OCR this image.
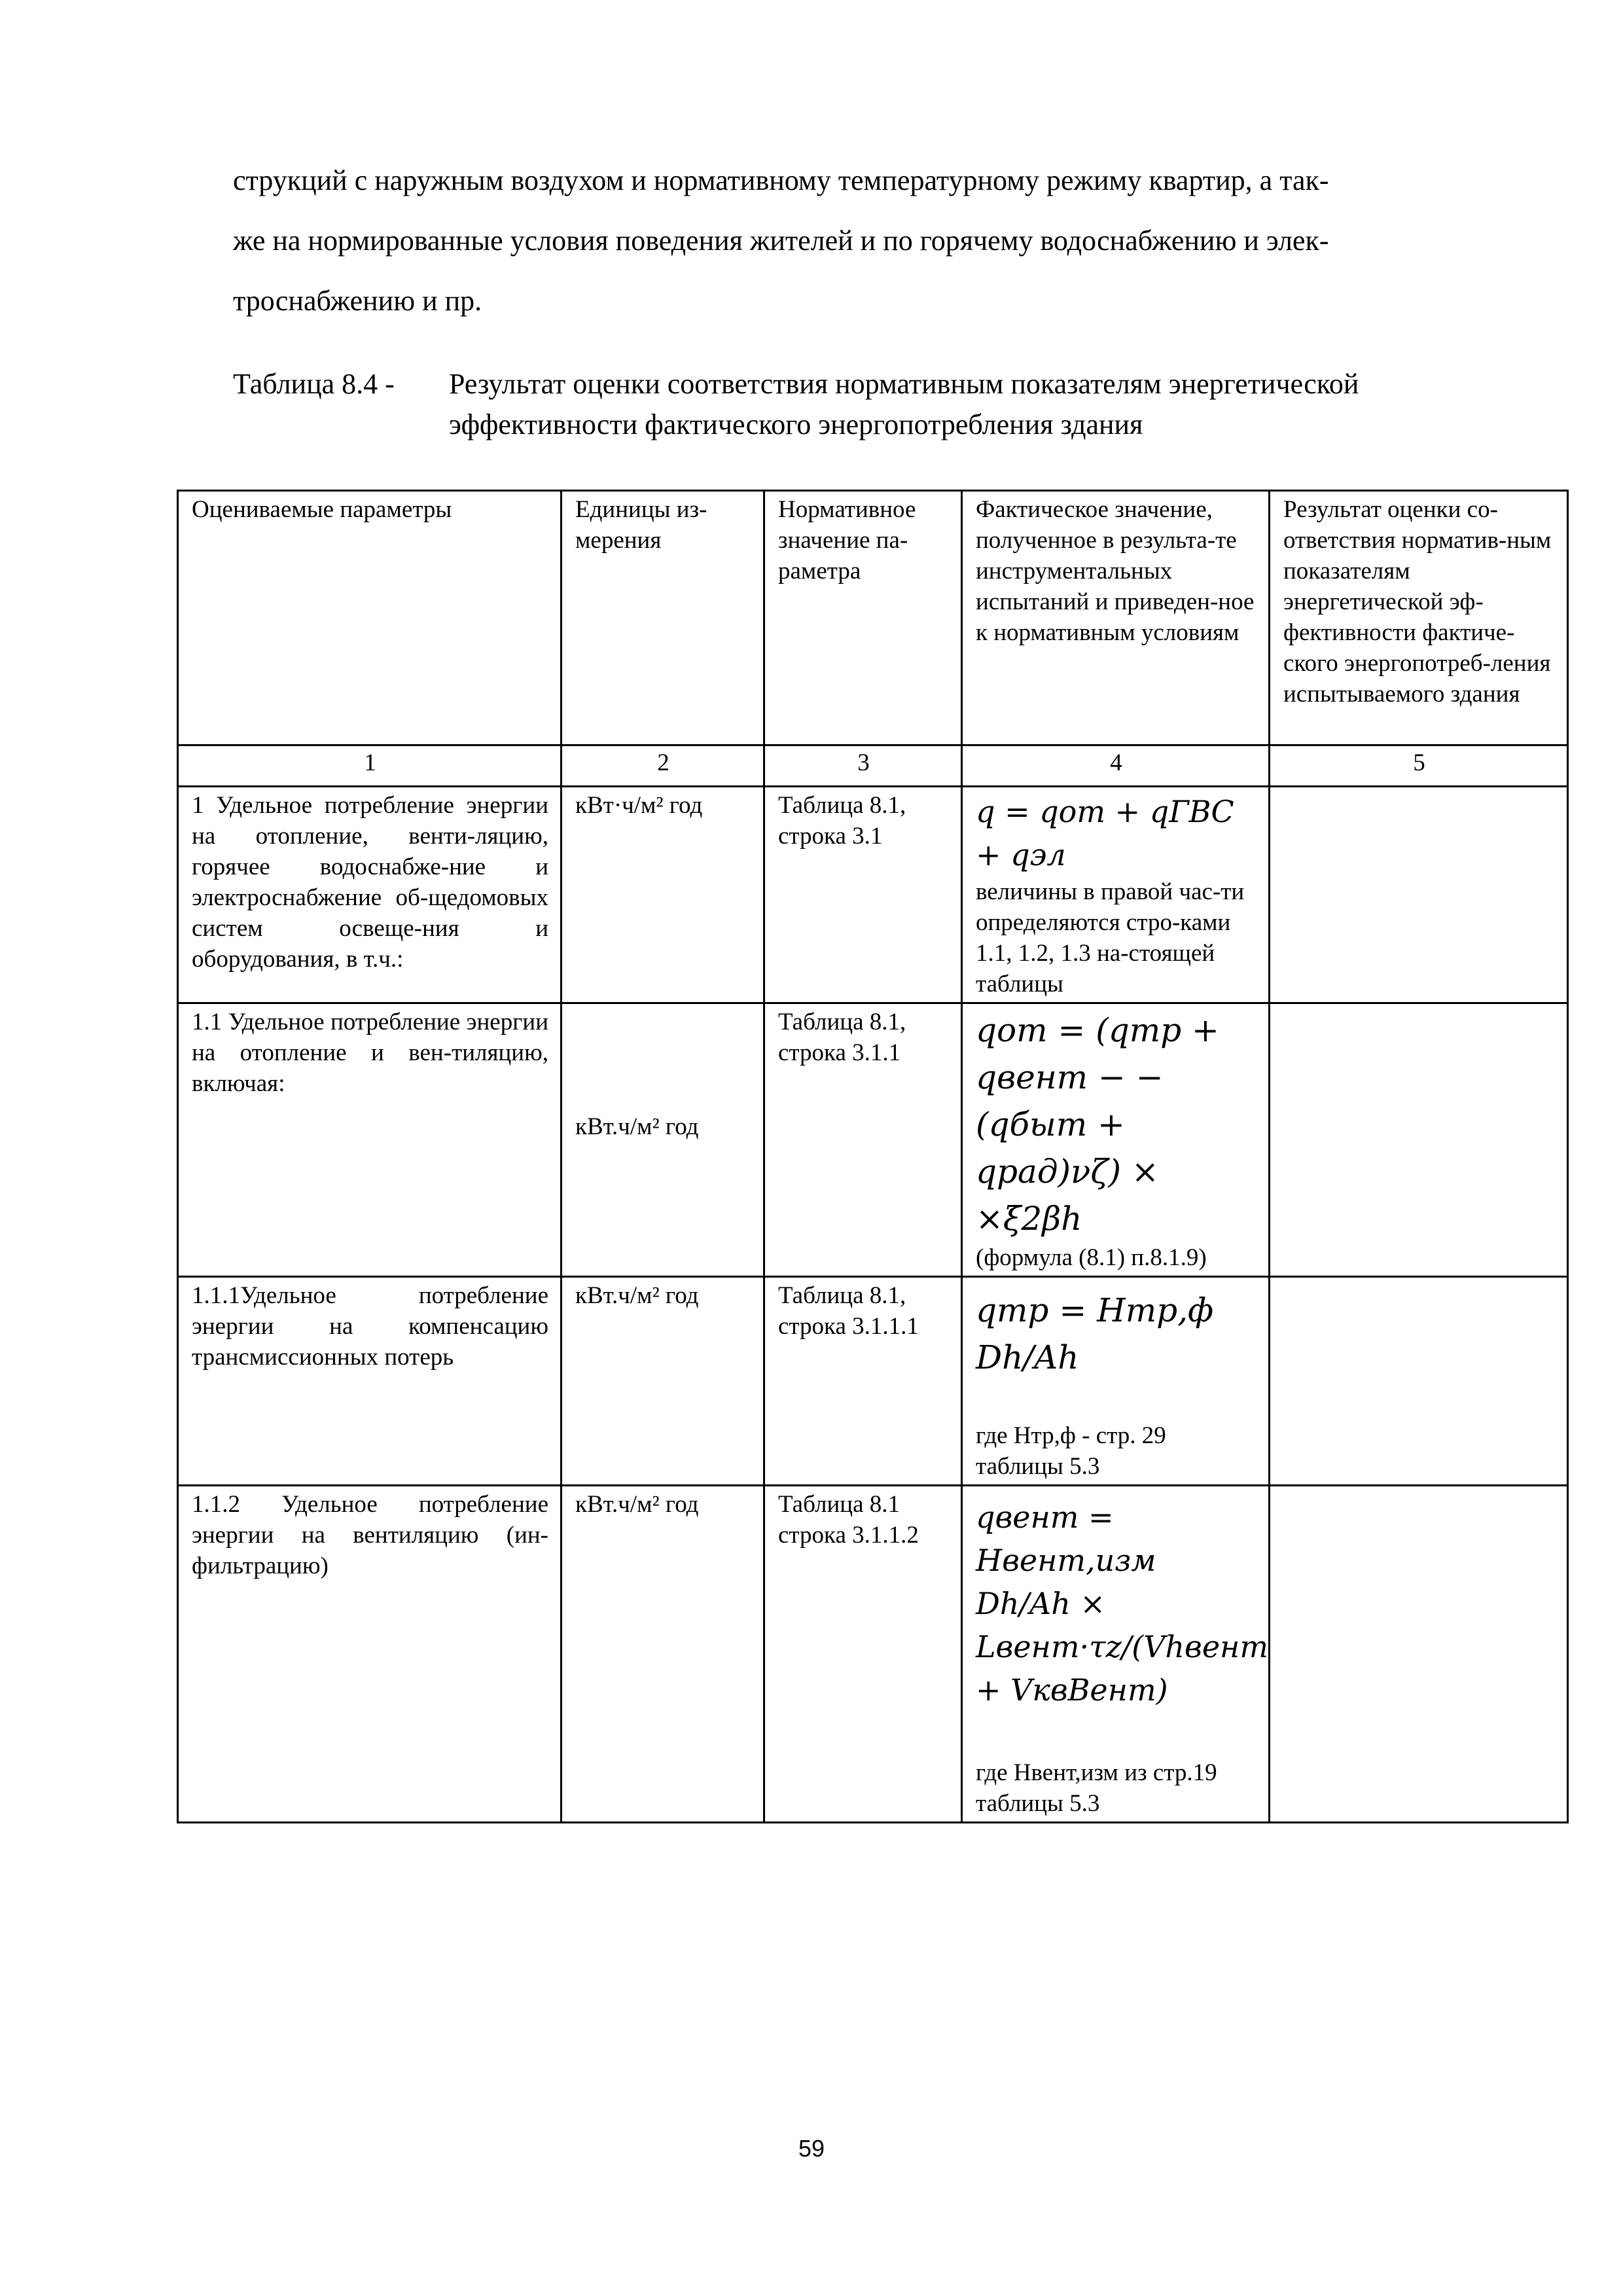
струкций с наружным воздухом и нормативному температурному режиму квартир, а так-

же на нормированные условия поведения жителей и по горячему водоснабжению и элек-

троснабжению и пр.

Таблица 8.4 - Результат оценки соответствия нормативным показателям энергетической
эффективности фактического энергопотребления здания
Оцениваемые параметры	Единицы из-мерения	Нормативное значение па-раметра	Фактическое значение, полученное в результа-те инструментальных испытаний и приведен-ное к нормативным условиям	Результат оценки со-ответствия норматив-ным показателям энергетической эф-фективности фактиче-ского энергопотреб-ления испытываемого здания
1	2	3	4	5
1 Удельное потребление энергии на отопление, венти-ляцию, горячее водоснабже-ние и электроснабжение об-щедомовых систем освеще-ния и оборудования, в т.ч.:	кВт·ч/м² год	Таблица 8.1, строка 3.1	q = qот + qГВС + qэл
величины в правой час-ти определяются стро-ками 1.1, 1.2, 1.3 на-стоящей таблицы	

1.1 Удельное потребление энергии на отопление и вен-тиляцию, включая:	кВт.ч/м² год	Таблица 8.1, строка 3.1.1	qот = (qтр + qвент − −(qбыт + qрад)νζ) × ×ξ2βh
(формула (8.1) п.8.1.9)	

1.1.1Удельное потребление энергии на компенсацию трансмиссионных потерь	кВт.ч/м² год	Таблица 8.1, строка 3.1.1.1	qтр = Hтр,ф Dh/Ah
где Hтр,ф - стр. 29 таблицы 5.3	

1.1.2 Удельное потребление энергии на вентиляцию (ин-фильтрацию)	кВт.ч/м² год	Таблица 8.1 строка 3.1.1.2	qвент = Hвент,изм Dh/Ah × Lвент·τz/(Vhвент + VквВент)
где Hвент,изм из стр.19 таблицы 5.3	

59
